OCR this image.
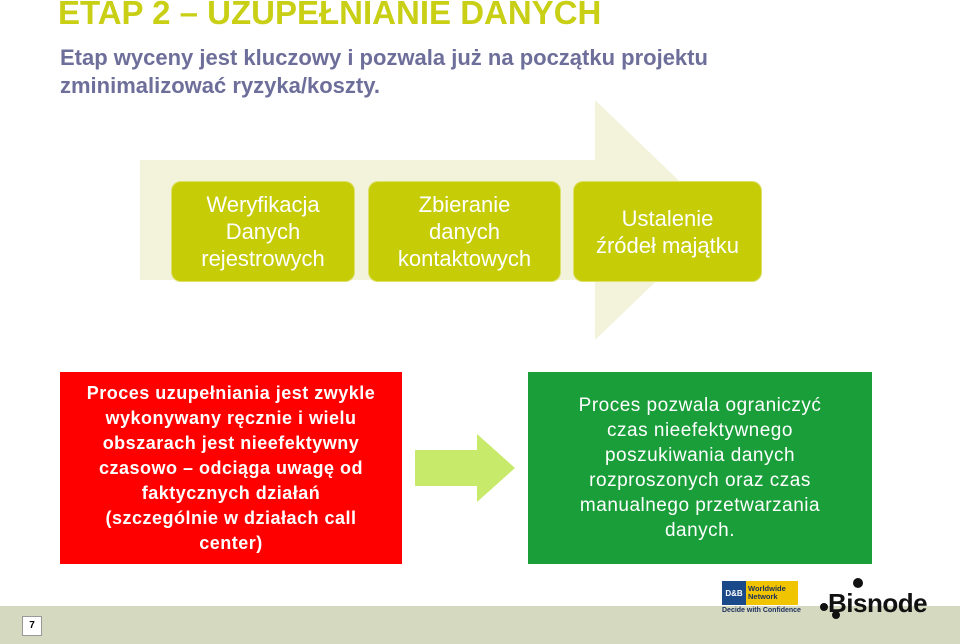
ETAP 2 – UZUPEŁNIANIE DANYCH

Etap wyceny jest kluczowy i pozwala już na początku projektu
zminimalizować ryzyka/koszty.

Weryfikacja
Danych
rejestrowych
Zbieranie
danych
kontaktowych
Ustalenie
źródeł majątku
Proces uzupełniania jest zwykle
wykonywany ręcznie i wielu
obszarach jest nieefektywny
czasowo – odciąga uwagę od
faktycznych działań
(szczególnie w działach call
center)
Proces pozwala ograniczyć
czas nieefektywnego
poszukiwania danych
rozproszonych oraz czas
manualnego przetwarzania
danych.
7
D&B Worldwide
Network
Decide with Confidence Bisnode
